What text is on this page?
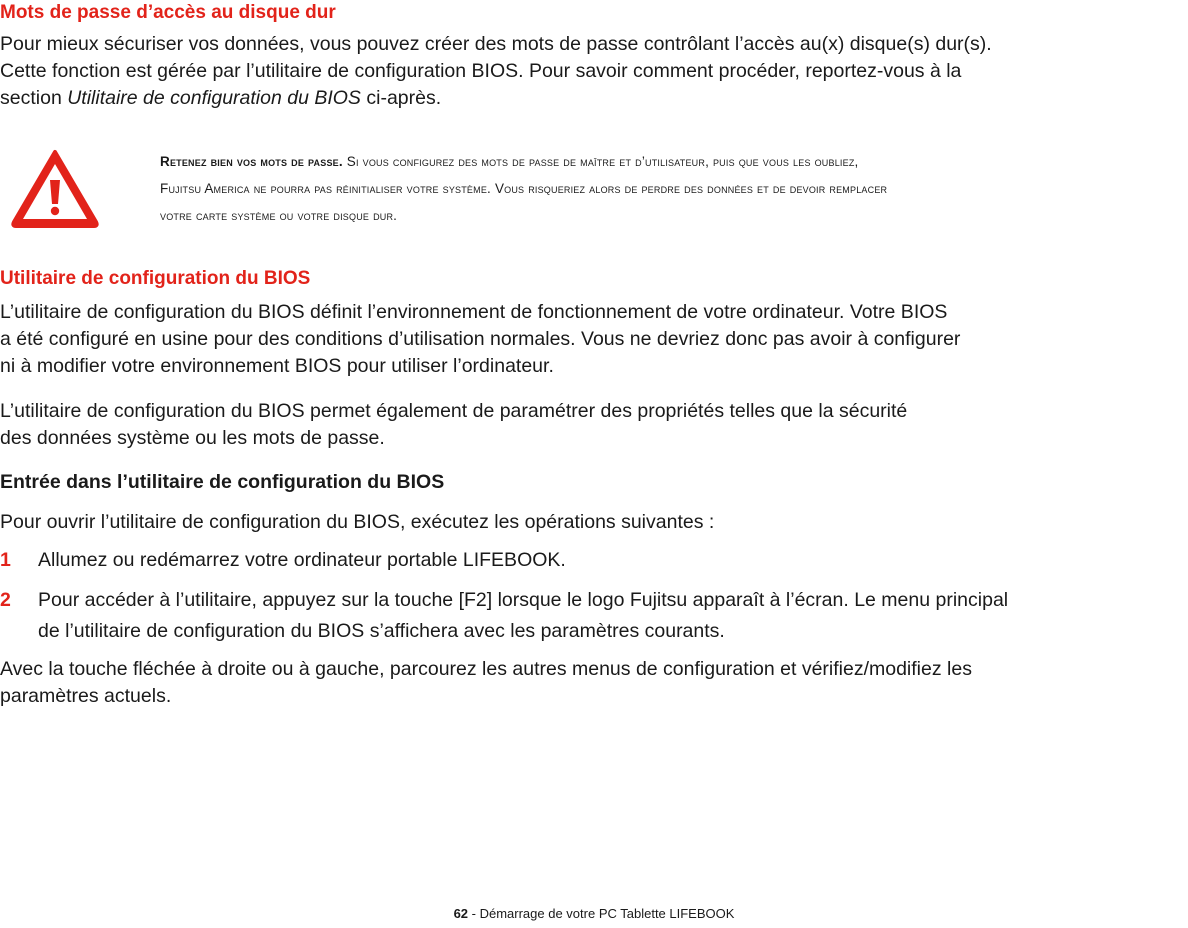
Mots de passe d’accès au disque dur
Pour mieux sécuriser vos données, vous pouvez créer des mots de passe contrôlant l’accès au(x) disque(s) dur(s).
Cette fonction est gérée par l’utilitaire de configuration BIOS. Pour savoir comment procéder, reportez-vous à la
section Utilitaire de configuration du BIOS ci-après.
Retenez bien vos mots de passe. Si vous configurez des mots de passe de maître et d’utilisateur, puis que vous les oubliez,
Fujitsu America ne pourra pas réinitialiser votre système. Vous risqueriez alors de perdre des données et de devoir remplacer
votre carte système ou votre disque dur.
Utilitaire de configuration du BIOS
L’utilitaire de configuration du BIOS définit l’environnement de fonctionnement de votre ordinateur. Votre BIOS
a été configuré en usine pour des conditions d’utilisation normales. Vous ne devriez donc pas avoir à configurer
ni à modifier votre environnement BIOS pour utiliser l’ordinateur.
L’utilitaire de configuration du BIOS permet également de paramétrer des propriétés telles que la sécurité
des données système ou les mots de passe.
Entrée dans l’utilitaire de configuration du BIOS
Pour ouvrir l’utilitaire de configuration du BIOS, exécutez les opérations suivantes :
1 Allumez ou redémarrez votre ordinateur portable LIFEBOOK.
2 Pour accéder à l’utilitaire, appuyez sur la touche [F2] lorsque le logo Fujitsu apparaît à l’écran. Le menu principal
de l’utilitaire de configuration du BIOS s’affichera avec les paramètres courants.
Avec la touche fléchée à droite ou à gauche, parcourez les autres menus de configuration et vérifiez/modifiez les
paramètres actuels.
62 - Démarrage de votre PC Tablette LIFEBOOK
